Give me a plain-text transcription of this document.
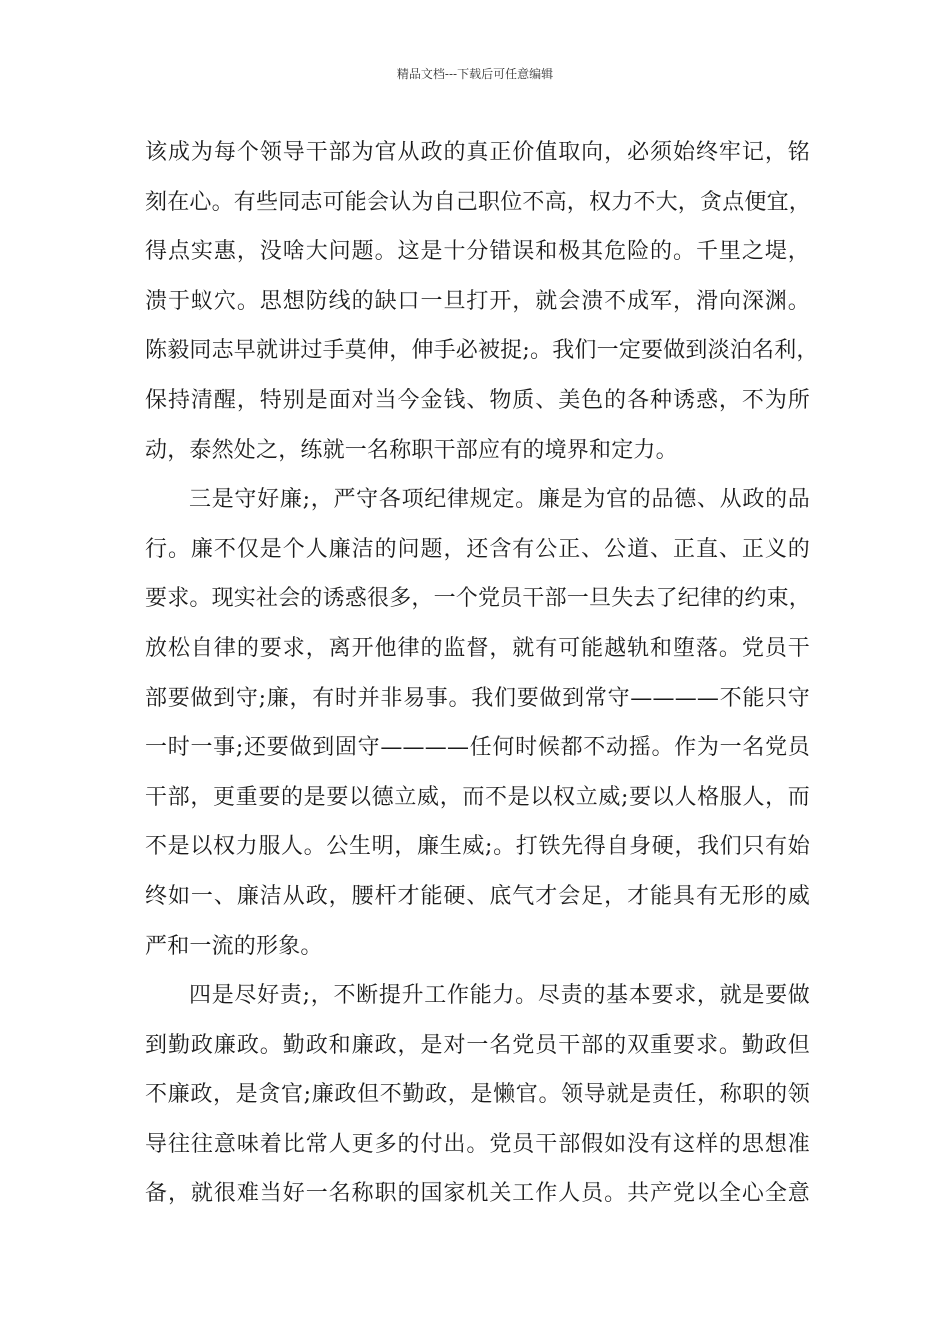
精品文档---下载后可任意编辑
该成为每个领导干部为官从政的真正价值取向，必须始终牢记，铭
刻在心。有些同志可能会认为自己职位不高，权力不大，贪点便宜，
得点实惠，没啥大问题。这是十分错误和极其危险的。千里之堤，
溃于蚁穴。思想防线的缺口一旦打开，就会溃不成军，滑向深渊。
陈毅同志早就讲过手莫伸，伸手必被捉;。我们一定要做到淡泊名利，
保持清醒，特别是面对当今金钱、物质、美色的各种诱惑，不为所
动，泰然处之，练就一名称职干部应有的境界和定力。
三是守好廉;，严守各项纪律规定。廉是为官的品德、从政的品
行。廉不仅是个人廉洁的问题，还含有公正、公道、正直、正义的
要求。现实社会的诱惑很多，一个党员干部一旦失去了纪律的约束，
放松自律的要求，离开他律的监督，就有可能越轨和堕落。党员干
部要做到守;廉，有时并非易事。我们要做到常守————不能只守
一时一事;还要做到固守————任何时候都不动摇。作为一名党员
干部，更重要的是要以德立威，而不是以权立威;要以人格服人，而
不是以权力服人。公生明，廉生威;。打铁先得自身硬，我们只有始
终如一、廉洁从政，腰杆才能硬、底气才会足，才能具有无形的威
严和一流的形象。
四是尽好责;，不断提升工作能力。尽责的基本要求，就是要做
到勤政廉政。勤政和廉政，是对一名党员干部的双重要求。勤政但
不廉政，是贪官;廉政但不勤政，是懒官。领导就是责任，称职的领
导往往意味着比常人更多的付出。党员干部假如没有这样的思想准
备，就很难当好一名称职的国家机关工作人员。共产党以全心全意
